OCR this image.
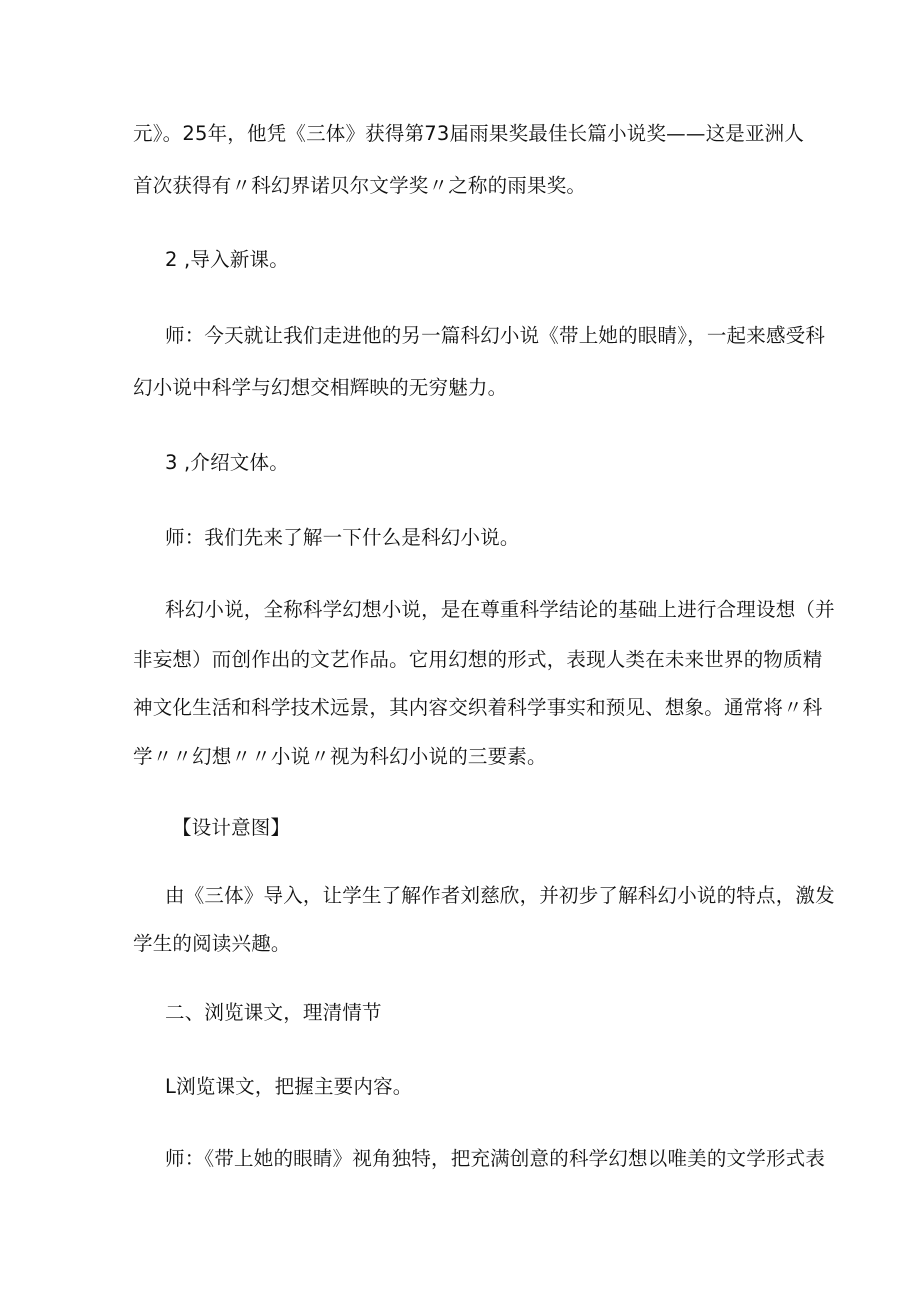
元》。25年，他凭《三体》获得第73届雨果奖最佳长篇小说奖——这是亚洲人
首次获得有〃科幻界诺贝尔文学奖〃之称的雨果奖。
2 ,导入新课。
师：今天就让我们走进他的另一篇科幻小说《带上她的眼睛》，一起来感受科
幻小说中科学与幻想交相辉映的无穷魅力。
3 ,介绍文体。
师：我们先来了解一下什么是科幻小说。
科幻小说，全称科学幻想小说，是在尊重科学结论的基础上进行合理设想（并
非妄想）而创作出的文艺作品。它用幻想的形式，表现人类在未来世界的物质精
神文化生活和科学技术远景，其内容交织着科学事实和预见、想象。通常将〃科
学〃〃幻想〃〃小说〃视为科幻小说的三要素。
【设计意图】
由《三体》导入，让学生了解作者刘慈欣，并初步了解科幻小说的特点，激发
学生的阅读兴趣。
二、浏览课文，理清情节
L浏览课文，把握主要内容。
师：《带上她的眼睛》视角独特，把充满创意的科学幻想以唯美的文学形式表
